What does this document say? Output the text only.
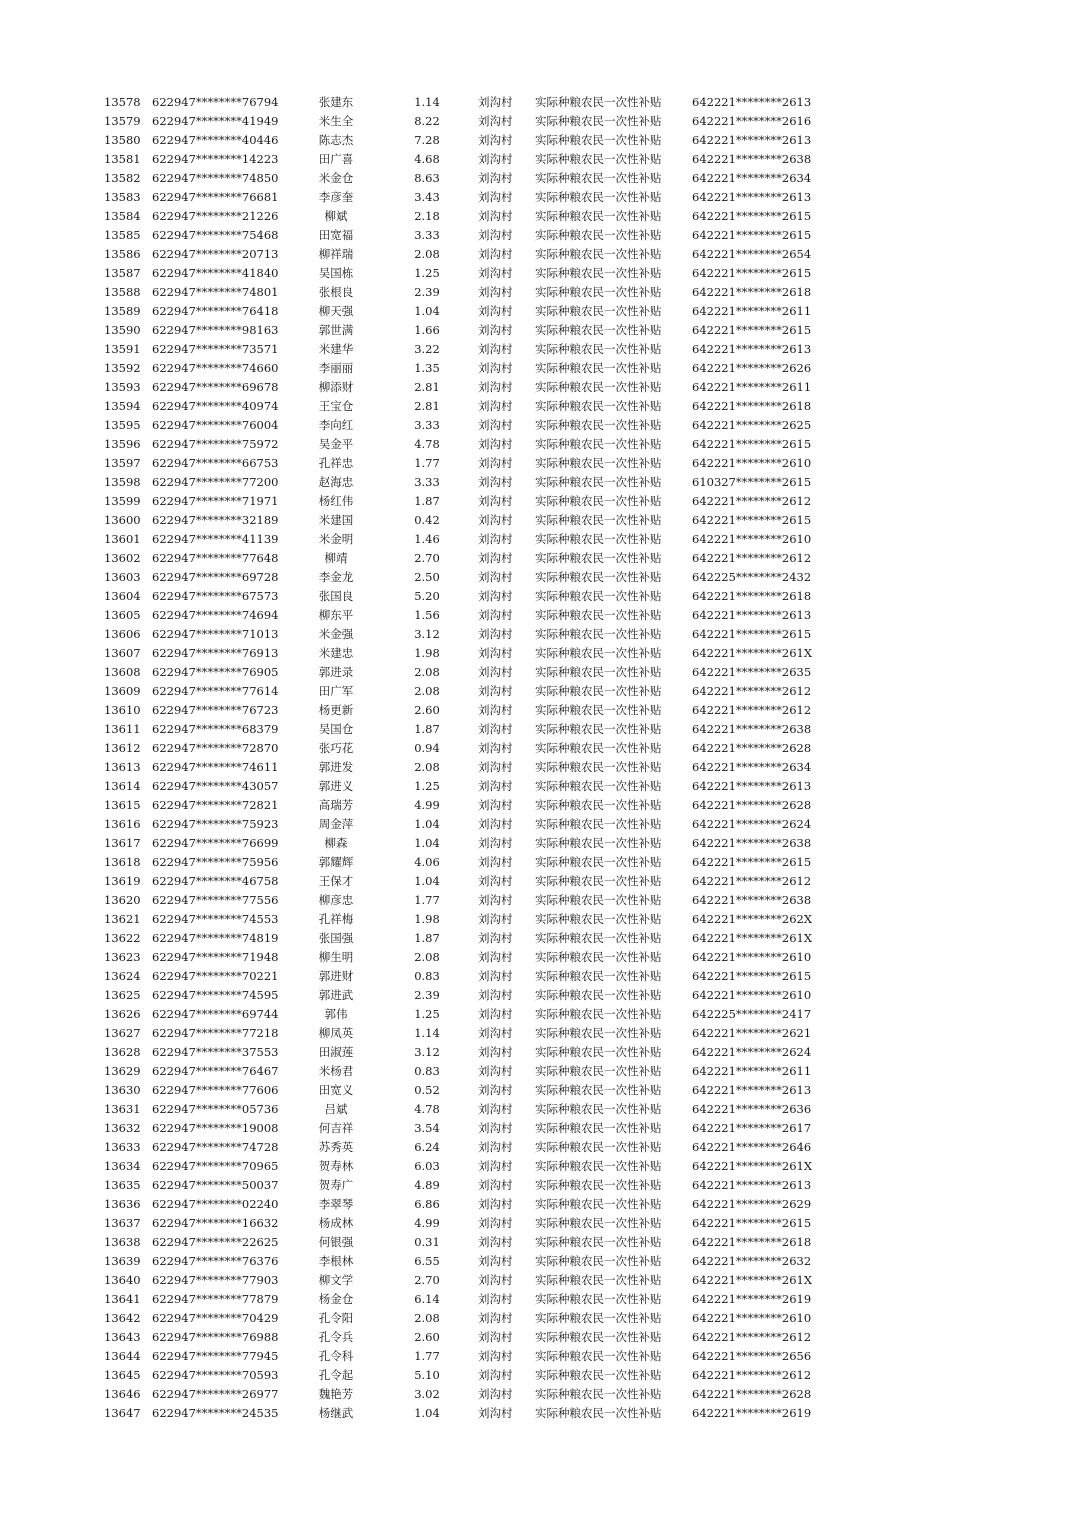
13578 622947********76794	张建东	1.14	刘沟村 实际种粮农民一次性补贴	642221********2613
13579 622947********41949	米生全	8.22	刘沟村 实际种粮农民一次性补贴	642221********2616
13580 622947********40446	陈志杰	7.28	刘沟村 实际种粮农民一次性补贴	642221********2613
13581 622947********14223	田广喜	4.68	刘沟村 实际种粮农民一次性补贴	642221********2638
13582 622947********74850	米金仓	8.63	刘沟村 实际种粮农民一次性补贴	642221********2634
13583 622947********76681	李彦奎	3.43	刘沟村 实际种粮农民一次性补贴	642221********2613
13584 622947********21226	柳斌	2.18	刘沟村 实际种粮农民一次性补贴	642221********2615
13585 622947********75468	田宽福	3.33	刘沟村 实际种粮农民一次性补贴	642221********2615
13586 622947********20713	柳祥瑞	2.08	刘沟村 实际种粮农民一次性补贴	642221********2654
13587 622947********41840	吴国栋	1.25	刘沟村 实际种粮农民一次性补贴	642221********2615
13588 622947********74801	张根良	2.39	刘沟村 实际种粮农民一次性补贴	642221********2618
13589 622947********76418	柳天强	1.04	刘沟村 实际种粮农民一次性补贴	642221********2611
13590 622947********98163	郭世满	1.66	刘沟村 实际种粮农民一次性补贴	642221********2615
13591 622947********73571	米建华	3.22	刘沟村 实际种粮农民一次性补贴	642221********2613
13592 622947********74660	李丽丽	1.35	刘沟村 实际种粮农民一次性补贴	642221********2626
13593 622947********69678	柳添财	2.81	刘沟村 实际种粮农民一次性补贴	642221********2611
13594 622947********40974	王宝仓	2.81	刘沟村 实际种粮农民一次性补贴	642221********2618
13595 622947********76004	李向红	3.33	刘沟村 实际种粮农民一次性补贴	642221********2625
13596 622947********75972	吴金平	4.78	刘沟村 实际种粮农民一次性补贴	642221********2615
13597 622947********66753	孔祥忠	1.77	刘沟村 实际种粮农民一次性补贴	642221********2610
13598 622947********77200	赵海忠	3.33	刘沟村 实际种粮农民一次性补贴	610327********2615
13599 622947********71971	杨红伟	1.87	刘沟村 实际种粮农民一次性补贴	642221********2612
13600 622947********32189	米建国	0.42	刘沟村 实际种粮农民一次性补贴	642221********2615
13601 622947********41139	米金明	1.46	刘沟村 实际种粮农民一次性补贴	642221********2610
13602 622947********77648	柳靖	2.70	刘沟村 实际种粮农民一次性补贴	642221********2612
13603 622947********69728	李金龙	2.50	刘沟村 实际种粮农民一次性补贴	642225********2432
13604 622947********67573	张国良	5.20	刘沟村 实际种粮农民一次性补贴	642221********2618
13605 622947********74694	柳东平	1.56	刘沟村 实际种粮农民一次性补贴	642221********2613
13606 622947********71013	米金强	3.12	刘沟村 实际种粮农民一次性补贴	642221********2615
13607 622947********76913	米建忠	1.98	刘沟村 实际种粮农民一次性补贴	642221********261X
13608 622947********76905	郭进录	2.08	刘沟村 实际种粮农民一次性补贴	642221********2635
13609 622947********77614	田广军	2.08	刘沟村 实际种粮农民一次性补贴	642221********2612
13610 622947********76723	杨更新	2.60	刘沟村 实际种粮农民一次性补贴	642221********2612
13611 622947********68379	吴国仓	1.87	刘沟村 实际种粮农民一次性补贴	642221********2638
13612 622947********72870	张巧花	0.94	刘沟村 实际种粮农民一次性补贴	642221********2628
13613 622947********74611	郭进发	2.08	刘沟村 实际种粮农民一次性补贴	642221********2634
13614 622947********43057	郭进义	1.25	刘沟村 实际种粮农民一次性补贴	642221********2613
13615 622947********72821	高瑞芳	4.99	刘沟村 实际种粮农民一次性补贴	642221********2628
13616 622947********75923	周金萍	1.04	刘沟村 实际种粮农民一次性补贴	642221********2624
13617 622947********76699	柳森	1.04	刘沟村 实际种粮农民一次性补贴	642221********2638
13618 622947********75956	郭耀辉	4.06	刘沟村 实际种粮农民一次性补贴	642221********2615
13619 622947********46758	王保才	1.04	刘沟村 实际种粮农民一次性补贴	642221********2612
13620 622947********77556	柳彦忠	1.77	刘沟村 实际种粮农民一次性补贴	642221********2638
13621 622947********74553	孔祥梅	1.98	刘沟村 实际种粮农民一次性补贴	642221********262X
13622 622947********74819	张国强	1.87	刘沟村 实际种粮农民一次性补贴	642221********261X
13623 622947********71948	柳生明	2.08	刘沟村 实际种粮农民一次性补贴	642221********2610
13624 622947********70221	郭进财	0.83	刘沟村 实际种粮农民一次性补贴	642221********2615
13625 622947********74595	郭进武	2.39	刘沟村 实际种粮农民一次性补贴	642221********2610
13626 622947********69744	郭伟	1.25	刘沟村 实际种粮农民一次性补贴	642225********2417
13627 622947********77218	柳凤英	1.14	刘沟村 实际种粮农民一次性补贴	642221********2621
13628 622947********37553	田淑莲	3.12	刘沟村 实际种粮农民一次性补贴	642221********2624
13629 622947********76467	米杨君	0.83	刘沟村 实际种粮农民一次性补贴	642221********2611
13630 622947********77606	田宽义	0.52	刘沟村 实际种粮农民一次性补贴	642221********2613
13631 622947********05736	吕斌	4.78	刘沟村 实际种粮农民一次性补贴	642221********2636
13632 622947********19008	何吉祥	3.54	刘沟村 实际种粮农民一次性补贴	642221********2617
13633 622947********74728	苏秀英	6.24	刘沟村 实际种粮农民一次性补贴	642221********2646
13634 622947********70965	贺寿林	6.03	刘沟村 实际种粮农民一次性补贴	642221********261X
13635 622947********50037	贺寿广	4.89	刘沟村 实际种粮农民一次性补贴	642221********2613
13636 622947********02240	李翠琴	6.86	刘沟村 实际种粮农民一次性补贴	642221********2629
13637 622947********16632	杨成林	4.99	刘沟村 实际种粮农民一次性补贴	642221********2615
13638 622947********22625	何银强	0.31	刘沟村 实际种粮农民一次性补贴	642221********2618
13639 622947********76376	李根林	6.55	刘沟村 实际种粮农民一次性补贴	642221********2632
13640 622947********77903	柳文学	2.70	刘沟村 实际种粮农民一次性补贴	642221********261X
13641 622947********77879	杨金仓	6.14	刘沟村 实际种粮农民一次性补贴	642221********2619
13642 622947********70429	孔令阳	2.08	刘沟村 实际种粮农民一次性补贴	642221********2610
13643 622947********76988	孔令兵	2.60	刘沟村 实际种粮农民一次性补贴	642221********2612
13644 622947********77945	孔令科	1.77	刘沟村 实际种粮农民一次性补贴	642221********2656
13645 622947********70593	孔令起	5.10	刘沟村 实际种粮农民一次性补贴	642221********2612
13646 622947********26977	魏艳芳	3.02	刘沟村 实际种粮农民一次性补贴	642221********2628
13647 622947********24535	杨继武	1.04	刘沟村 实际种粮农民一次性补贴	642221********2619
